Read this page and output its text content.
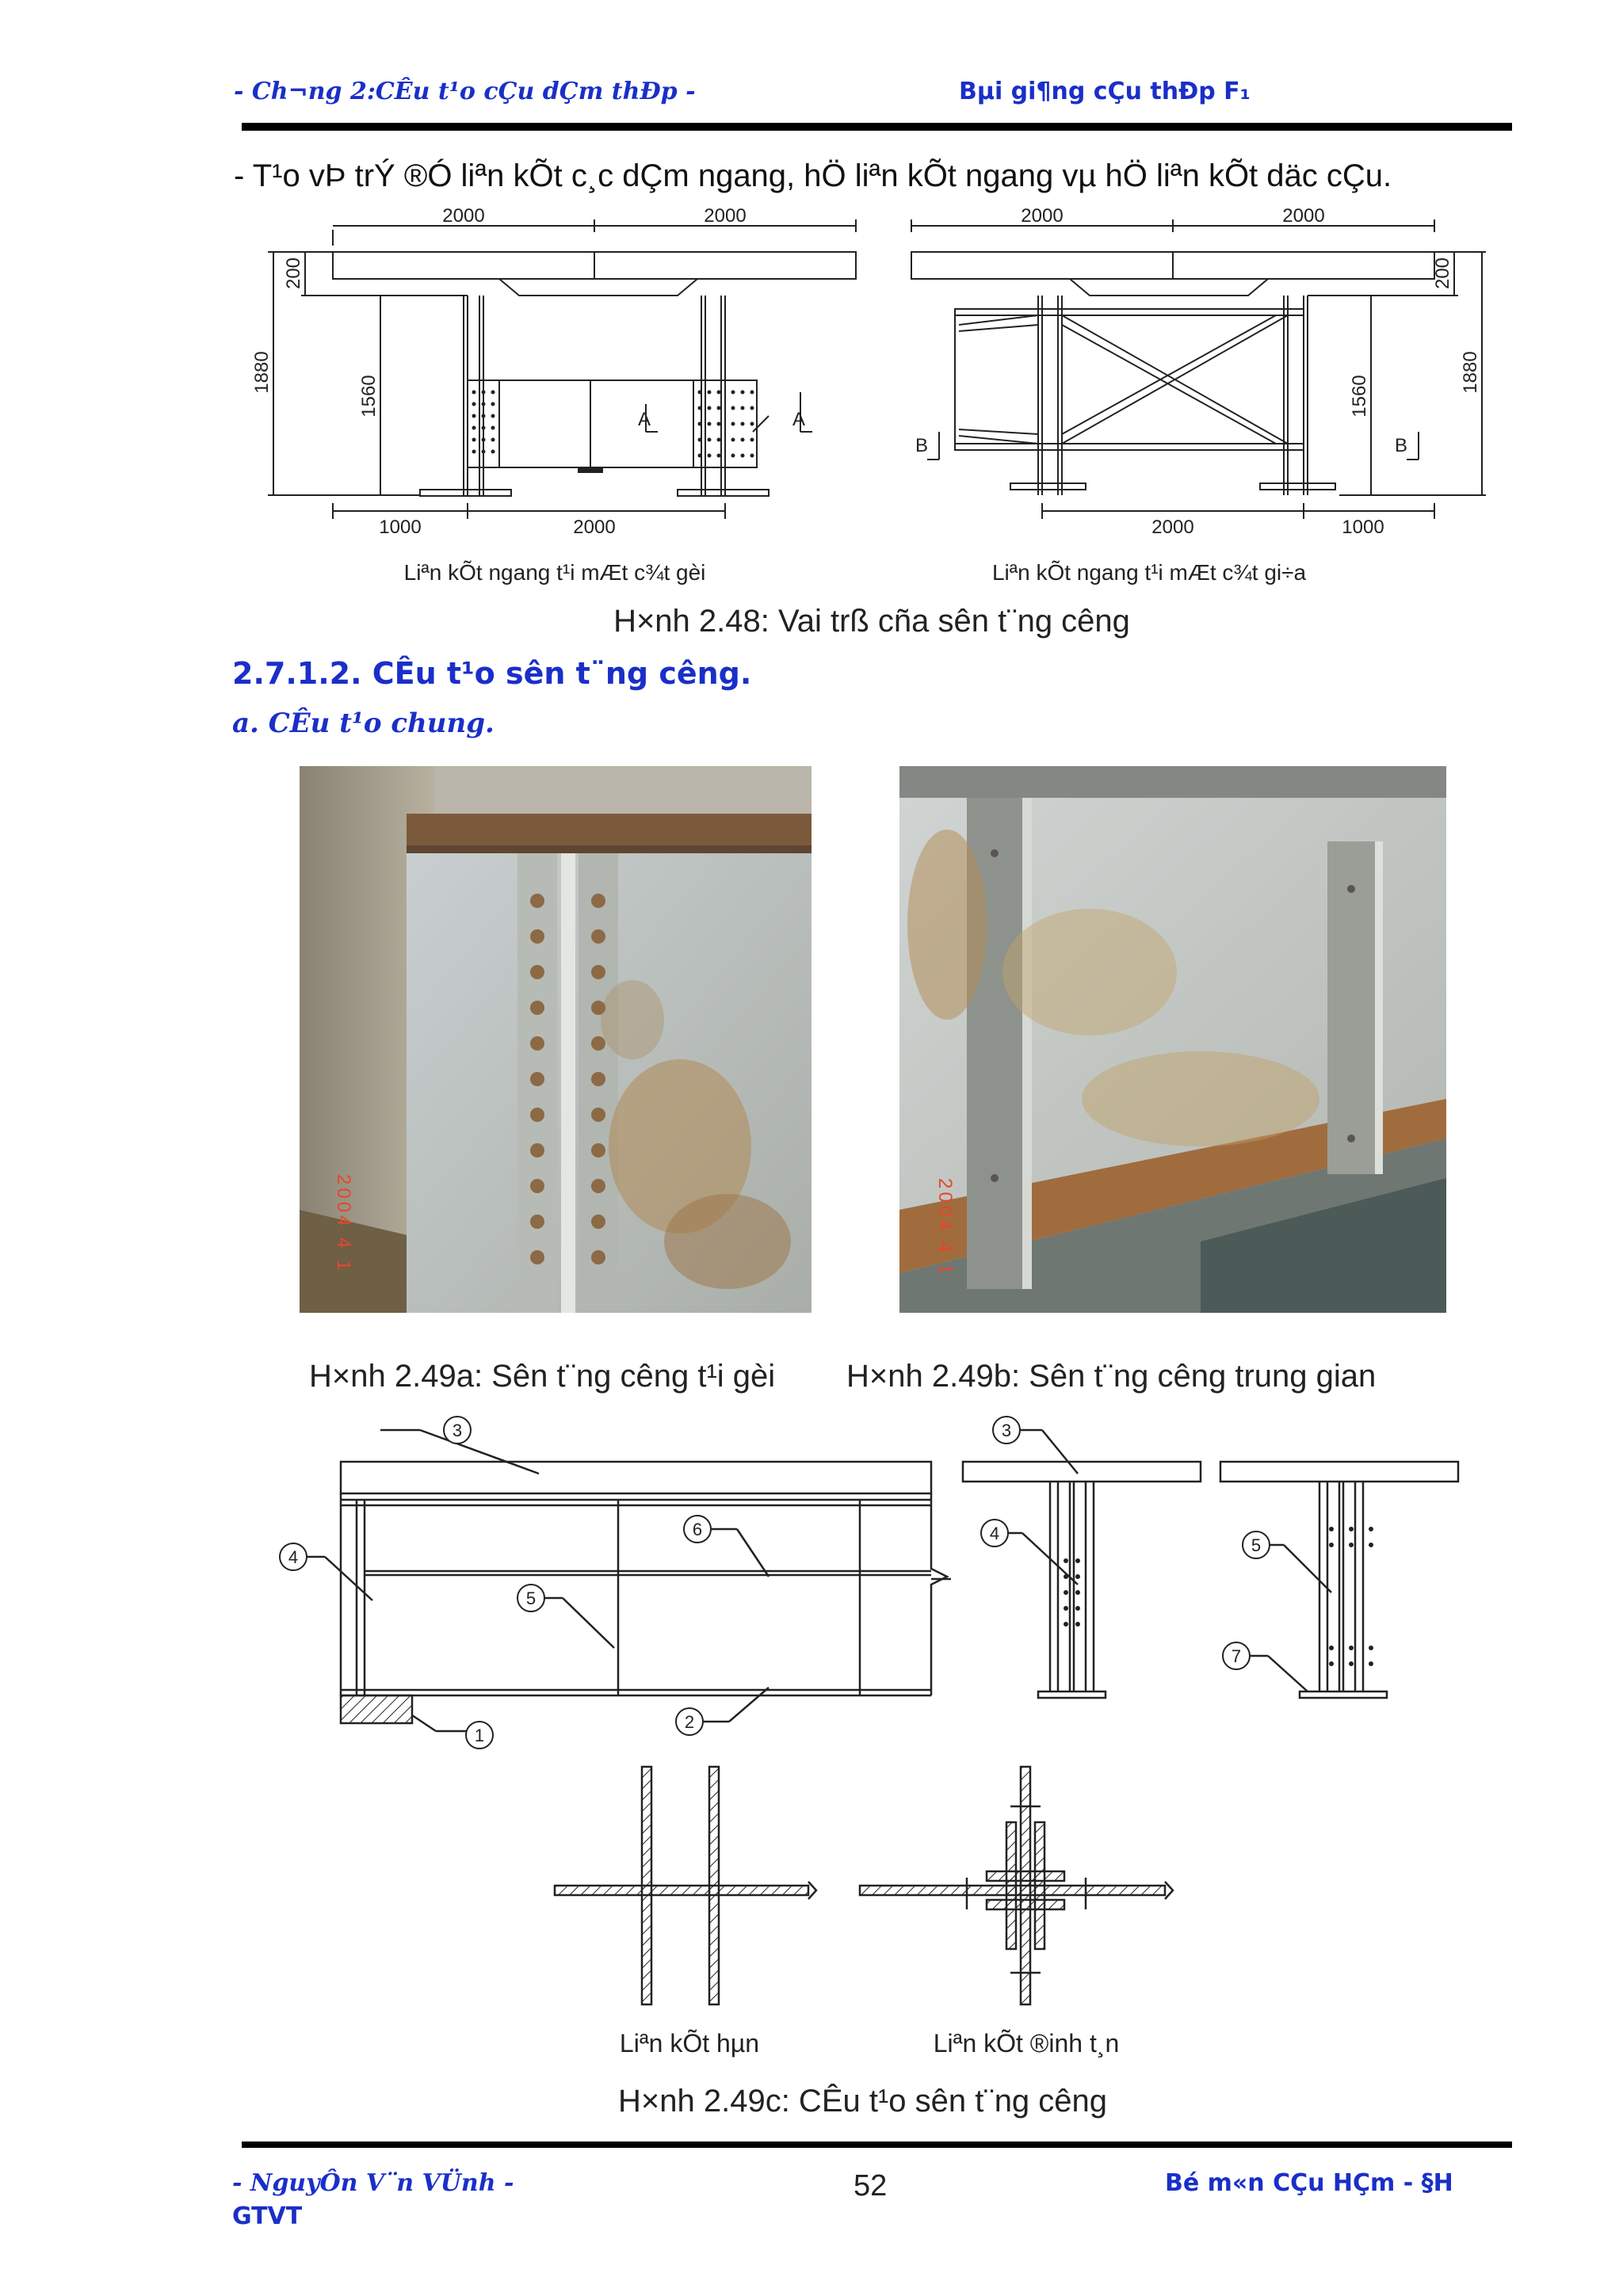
- Ch¬ng 2:CÊu t¹o cÇu dÇm thÐp -	Bµi gi¶ng cÇu thÐp F₁
- T¹o vÞ trÝ ®Ó liªn kÕt c¸c dÇm ngang, hÖ liªn kÕt ngang vµ hÖ liªn kÕt däc cÇu.
2000	2000	2000	2000
1000	2000	2000	1000
200
1880
1560
200
1880
1560
A	A
B	B
Liªn kÕt ngang t¹i mÆt c¾t gèi	Liªn kÕt ngang t¹i mÆt c¾t gi÷a
H×nh 2.48: Vai trß cña sên t¨ng cêng
2.7.1.2. CÊu t¹o sên t¨ng cêng.
a. CÊu t¹o chung.
2004 4 1	2004 4 1
H×nh 2.49a: Sên t¨ng cêng t¹i gèi H×nh 2.49b: Sên t¨ng cêng trung gian
3
4
6
5
2
1
3
4
5
7
Liªn kÕt hµn	Liªn kÕt ®inh t¸n
H×nh 2.49c: CÊu t¹o sên t¨ng cêng
- NguyÔn V¨n VÜnh -
GTVT
52	Bé m«n CÇu HÇm - §H
